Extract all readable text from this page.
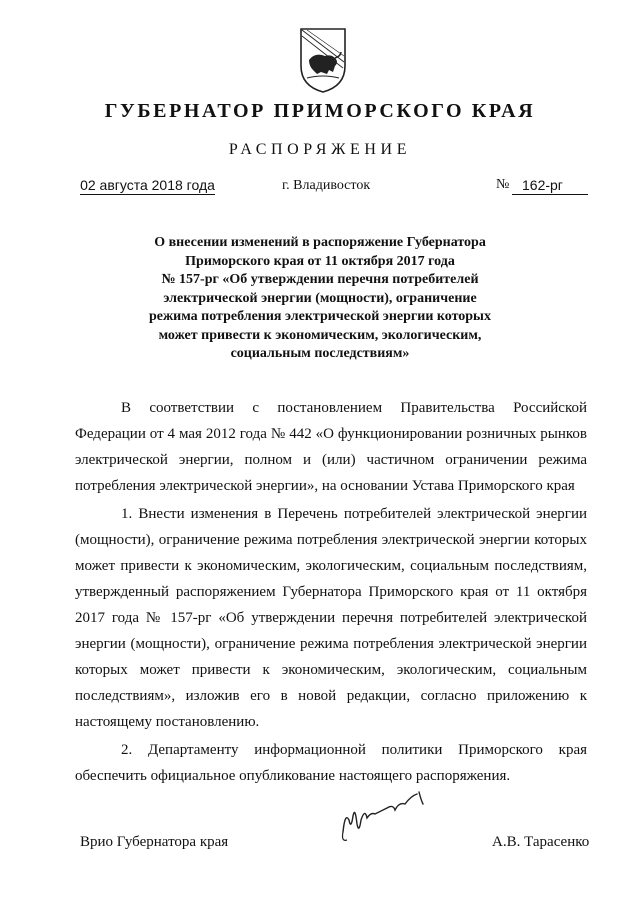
ГУБЕРНАТОР ПРИМОРСКОГО КРАЯ
РАСПОРЯЖЕНИЕ
02 августа 2018 года	г. Владивосток	№ 162-рг
О внесении изменений в распоряжение Губернатора
Приморского края от 11 октября 2017 года
№ 157-рг «Об утверждении перечня потребителей
электрической энергии (мощности), ограничение
режима потребления электрической энергии которых
может привести к экономическим, экологическим,
социальным последствиям»
В соответствии с постановлением Правительства Российской
Федерации от 4 мая 2012 года № 442 «О функционировании розничных рынков
электрической энергии, полном и (или) частичном ограничении режима
потребления электрической энергии», на основании Устава Приморского края
1. Внести изменения в Перечень потребителей электрической энергии
(мощности), ограничение режима потребления электрической энергии которых
может привести к экономическим, экологическим, социальным последствиям,
утвержденный распоряжением Губернатора Приморского края от 11 октября
2017 года № 157-рг «Об утверждении перечня потребителей электрической
энергии (мощности), ограничение режима потребления электрической энергии
которых может привести к экономическим, экологическим, социальным
последствиям», изложив его в новой редакции, согласно приложению к
настоящему постановлению.
2. Департаменту информационной политики Приморского края
обеспечить официальное опубликование настоящего распоряжения.
Врио Губернатора края	А.В. Тарасенко
